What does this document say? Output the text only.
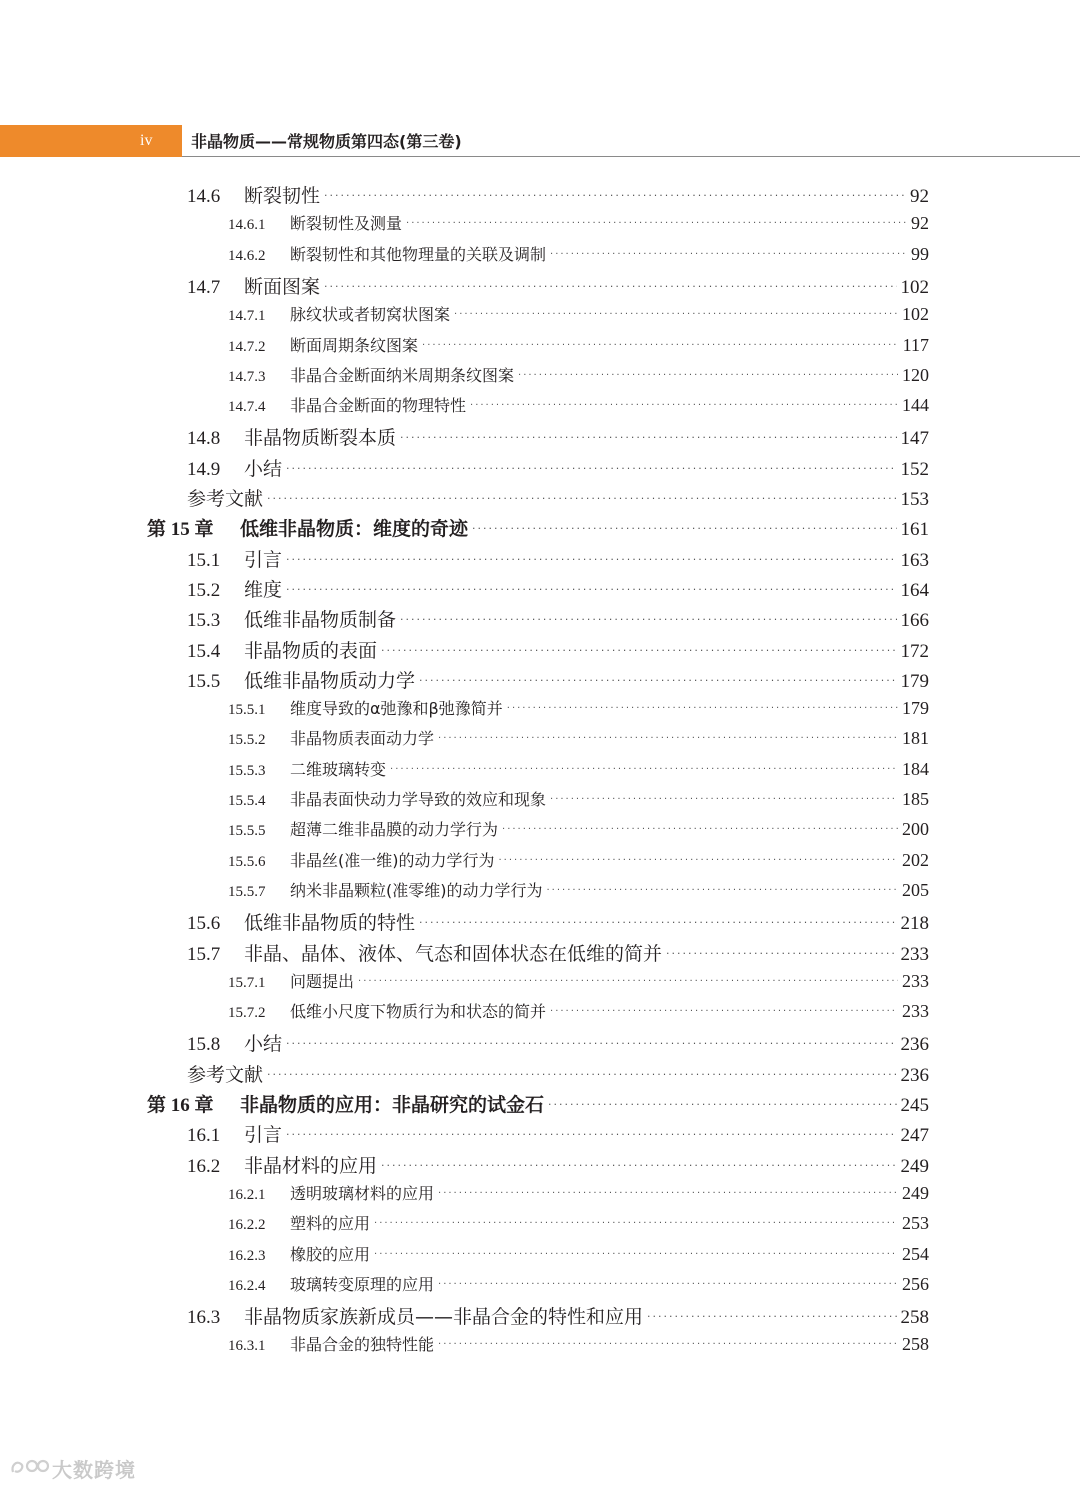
iv	非晶物质——常规物质第四态(第三卷)
14.6	断裂韧性 ·····	92
14.6.1	断裂韧性及测量 ·····	92
14.6.2	断裂韧性和其他物理量的关联及调制 ·····	99
14.7	断面图案 ·····	102
14.7.1	脉纹状或者韧窝状图案 ·····	102
14.7.2	断面周期条纹图案 ·····	117
14.7.3	非晶合金断面纳米周期条纹图案 ·····	120
14.7.4	非晶合金断面的物理特性 ·····	144
14.8	非晶物质断裂本质 ·····	147
14.9	小结 ·····	152
参考文献 ·····	153
第 15 章	低维非晶物质：维度的奇迹 ·····	161
15.1	引言 ·····	163
15.2	维度 ·····	164
15.3	低维非晶物质制备 ·····	166
15.4	非晶物质的表面 ·····	172
15.5	低维非晶物质动力学 ·····	179
15.5.1	维度导致的α弛豫和β弛豫简并 ·····	179
15.5.2	非晶物质表面动力学 ·····	181
15.5.3	二维玻璃转变 ·····	184
15.5.4	非晶表面快动力学导致的效应和现象 ·····	185
15.5.5	超薄二维非晶膜的动力学行为 ·····	200
15.5.6	非晶丝(准一维)的动力学行为 ·····	202
15.5.7	纳米非晶颗粒(准零维)的动力学行为 ·····	205
15.6	低维非晶物质的特性 ·····	218
15.7	非晶、晶体、液体、气态和固体状态在低维的简并 ·····	233
15.7.1	问题提出 ·····	233
15.7.2	低维小尺度下物质行为和状态的简并 ·····	233
15.8	小结 ·····	236
参考文献 ·····	236
第 16 章	非晶物质的应用：非晶研究的试金石 ·····	245
16.1	引言 ·····	247
16.2	非晶材料的应用 ·····	249
16.2.1	透明玻璃材料的应用 ·····	249
16.2.2	塑料的应用 ·····	253
16.2.3	橡胶的应用 ·····	254
16.2.4	玻璃转变原理的应用 ·····	256
16.3	非晶物质家族新成员——非晶合金的特性和应用 ·····	258
16.3.1	非晶合金的独特性能 ·····	258
大数跨境
